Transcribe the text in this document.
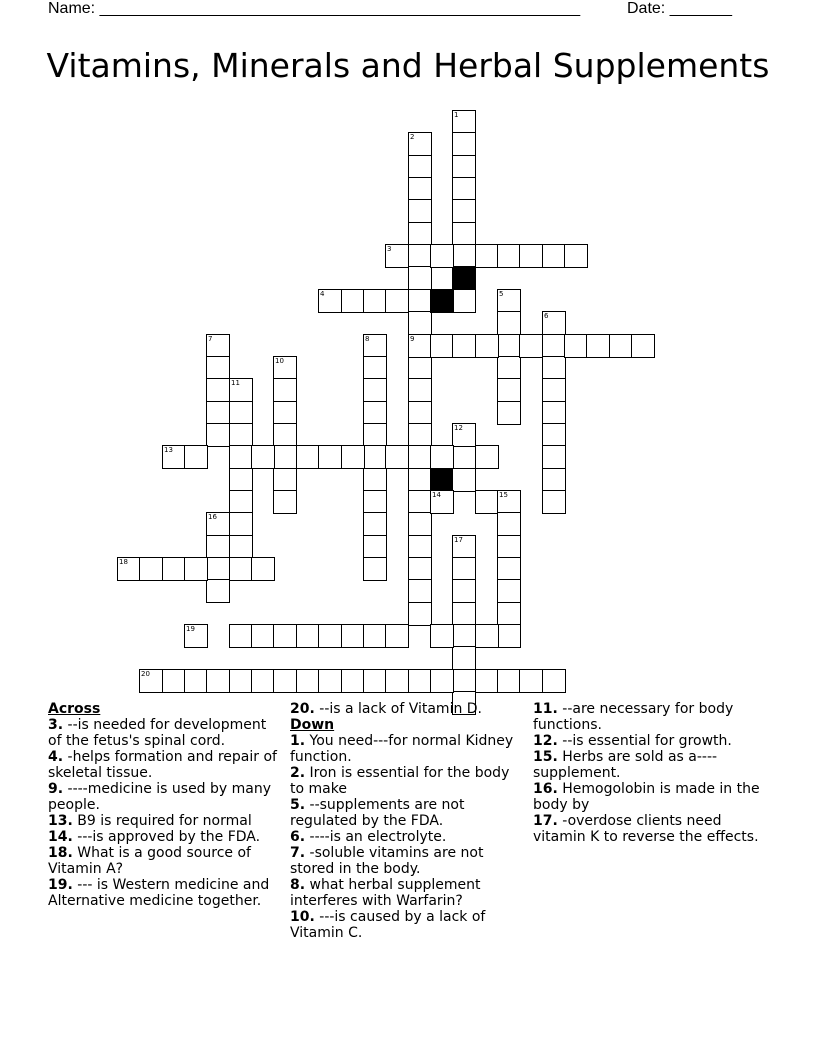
Name: ______________________________________________________	Date: _______
Vitamins, Minerals and Herbal Supplements
1
2
3
4	5
6
9
7	8
10
11
12
13
14	15
16
17
18
19
20
Across
3. --is needed for development of the fetus's spinal cord.
4. -helps formation and repair of skeletal tissue.
9. ----medicine is used by many people.
13. B9 is required for normal
14. ---is approved by the FDA.
18. What is a good source of Vitamin A?
19. --- is Western medicine and Alternative medicine together.
20. --is a lack of Vitamin D.
Down
1. You need---for normal Kidney function.
2. Iron is essential for the body to make
5. --supplements are not regulated by the FDA.
6. ----is an electrolyte.
7. -soluble vitamins are not stored in the body.
8. what herbal supplement interferes with Warfarin?
10. ---is caused by a lack of Vitamin C.
11. --are necessary for body functions.
12. --is essential for growth.
15. Herbs are sold as a----supplement.
16. Hemogolobin is made in the body by
17. -overdose clients need vitamin K to reverse the effects.
